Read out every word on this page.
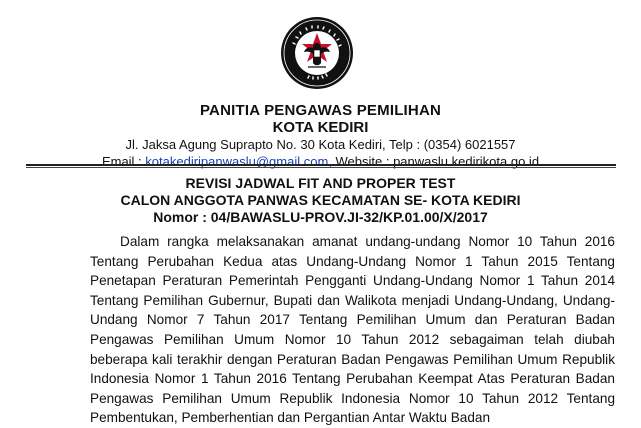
PANITIA PENGAWAS PEMILIHAN
KOTA KEDIRI
Jl. Jaksa Agung Suprapto No. 30 Kota Kediri, Telp : (0354) 6021557
Email : kotakediripanwaslu@gmail.com, Website : panwaslu.kedirikota.go.id
REVISI JADWAL FIT AND PROPER TEST
CALON ANGGOTA PANWAS KECAMATAN SE- KOTA KEDIRI
Nomor : 04/BAWASLU-PROV.JI-32/KP.01.00/X/2017

Dalam rangka melaksanakan amanat undang-undang Nomor 10 Tahun 2016 Tentang Perubahan Kedua atas Undang-Undang Nomor 1 Tahun 2015 Tentang Penetapan Peraturan Pemerintah Pengganti Undang-Undang Nomor 1 Tahun 2014 Tentang Pemilihan Gubernur, Bupati dan Walikota menjadi Undang-Undang, Undang-Undang Nomor 7 Tahun 2017 Tentang Pemilihan Umum dan Peraturan Badan Pengawas Pemilihan Umum Nomor 10 Tahun 2012 sebagaiman telah diubah beberapa kali terakhir dengan Peraturan Badan Pengawas Pemilihan Umum Republik Indonesia Nomor 1 Tahun 2016 Tentang Perubahan Keempat Atas Peraturan Badan Pengawas Pemilihan Umum Republik Indonesia Nomor 10 Tahun 2012 Tentang Pembentukan, Pemberhentian dan Pergantian Antar Waktu Badan
